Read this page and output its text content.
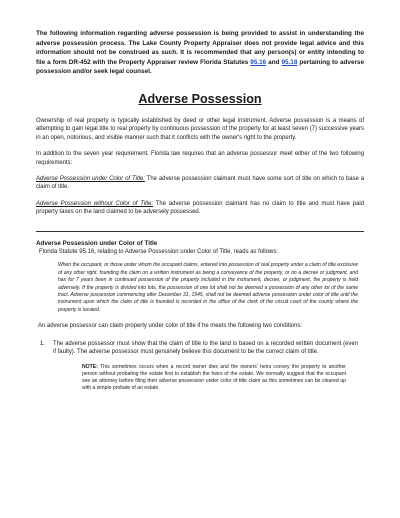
The following information regarding adverse possession is being provided to assist in understanding the adverse possession process. The Lake County Property Appraiser does not provide legal advice and this information should not be construed as such. It is recommended that any person(s) or entity intending to file a form DR-452 with the Property Appraiser review Florida Statutes 95.16 and 95.18 pertaining to adverse possession and/or seek legal counsel.

Adverse Possession

Ownership of real property is typically established by deed or other legal instrument. Adverse possession is a means of attempting to gain legal title to real property by continuous possession of the property for at least seven (7) successive years in an open, notorious, and visible manner such that it conflicts with the owner's right to the property.

In addition to the seven year requirement, Florida law requires that an adverse possessor meet either of the two following requirements:

Adverse Possession under Color of Title: The adverse possession claimant must have some sort of title on which to base a claim of title.

Adverse Possession without Color of Title: The adverse possession claimant has no claim to title and must have paid property taxes on the land claimed to be adversely possessed.

Adverse Possession under Color of Title

Florida Statute 95.16, relating to Adverse Possession under Color of Title, reads as follows:

When the occupant, or those under whom the occupant claims, entered into possession of real property under a claim of title exclusive of any other right, founding the claim on a written instrument as being a conveyance of the property, or on a decree or judgment, and has for 7 years been in continued possession of the property included in the instrument, decree, or judgment, the property is held adversely. If the property is divided into lots, the possession of one lot shall not be deemed a possession of any other lot of the same tract. Adverse possession commencing after December 31, 1945, shall not be deemed adverse possession under color of title until the instrument upon which the claim of title is founded is recorded in the office of the clerk of the circuit court of the county where the property is located.

An adverse possessor can claim property under color of title if he meets the following two conditions:

1.	The adverse possessor must show that the claim of title to the land is based on a recorded written document (even if faulty). The adverse possessor must genuinely believe this document to be the correct claim of title.

NOTE: This sometimes occurs when a record owner dies and the owners' heirs convey the property to another person without probating the estate first to establish the heirs of the estate. We normally suggest that the occupant see an attorney before filing their adverse possession under color of title claim as this sometimes can be cleared up with a simple probate of an estate.
